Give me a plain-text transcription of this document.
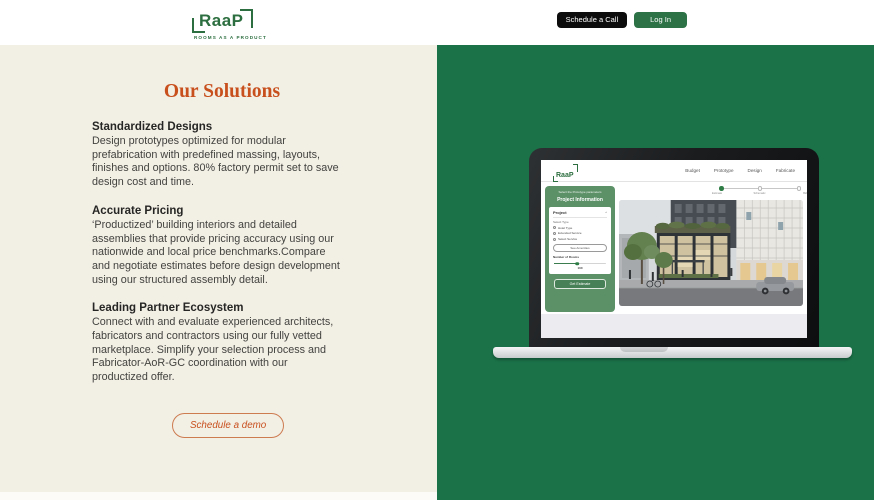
RaaP
ROOMS AS A PRODUCT
Schedule a Call	Log In
Our Solutions
Standardized Designs
Design prototypes optimized for modular prefabrication with predefined massing, layouts, finishes and options. 80% factory permit set to save design cost and time.
Accurate Pricing
‘Productized’ building interiors and detailed assemblies that provide pricing accuracy using our nationwide and local price benchmarks.Compare and negotiate estimates before design development using our structured assembly detail.
Leading Partner Ecosystem
Connect with and evaluate experienced architects, fabricators and contractors using our fully vetted marketplace. Simplify your selection process and Fabricator-AoR-GC coordination with our productized offer.
Schedule a demo
RaaP
Budget	Prototype	Design	Fabricate
Select the Prototype parameters
Project Information
Project	^
Select Type
Hotel Type
Extended Service
Select Service
See Amenities
Number of Rooms
100
Get Estimate
Estimate	Schematic	Bid
